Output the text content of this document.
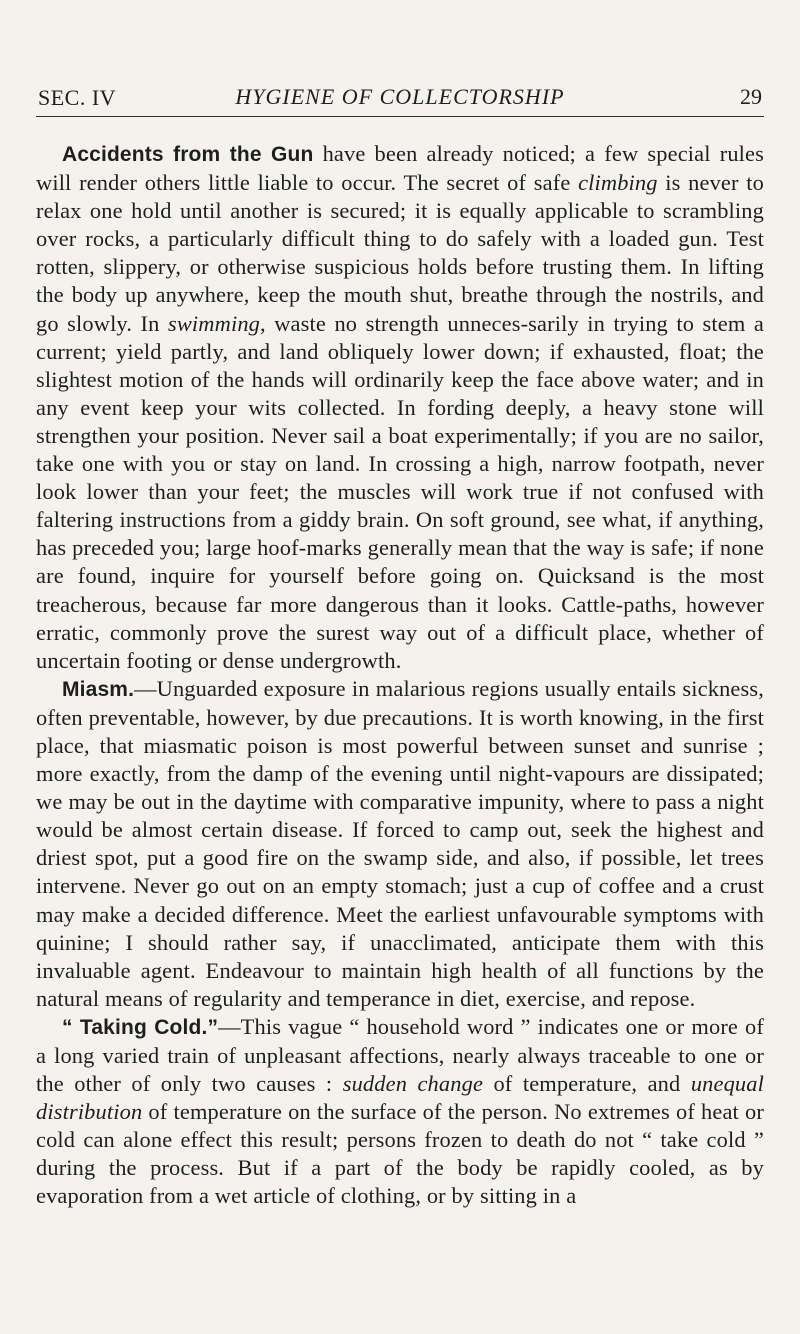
SEC. IV	HYGIENE OF COLLECTORSHIP	29

Accidents from the Gun have been already noticed; a few special rules will render others little liable to occur. The secret of safe climbing is never to relax one hold until another is secured; it is equally applicable to scrambling over rocks, a particularly difficult thing to do safely with a loaded gun. Test rotten, slippery, or otherwise suspicious holds before trusting them. In lifting the body up anywhere, keep the mouth shut, breathe through the nostrils, and go slowly. In swimming, waste no strength unneces-sarily in trying to stem a current; yield partly, and land obliquely lower down; if exhausted, float; the slightest motion of the hands will ordinarily keep the face above water; and in any event keep your wits collected. In fording deeply, a heavy stone will strengthen your position. Never sail a boat experimentally; if you are no sailor, take one with you or stay on land. In crossing a high, narrow footpath, never look lower than your feet; the muscles will work true if not confused with faltering instructions from a giddy brain. On soft ground, see what, if anything, has preceded you; large hoof-marks generally mean that the way is safe; if none are found, inquire for yourself before going on. Quicksand is the most treacherous, because far more dangerous than it looks. Cattle-paths, however erratic, commonly prove the surest way out of a difficult place, whether of uncertain footing or dense undergrowth.

Miasm.—Unguarded exposure in malarious regions usually entails sickness, often preventable, however, by due precautions. It is worth knowing, in the first place, that miasmatic poison is most powerful between sunset and sunrise ; more exactly, from the damp of the evening until night-vapours are dissipated; we may be out in the daytime with comparative impunity, where to pass a night would be almost certain disease. If forced to camp out, seek the highest and driest spot, put a good fire on the swamp side, and also, if possible, let trees intervene. Never go out on an empty stomach; just a cup of coffee and a crust may make a decided difference. Meet the earliest unfavourable symptoms with quinine; I should rather say, if unacclimated, anticipate them with this invaluable agent. Endeavour to maintain high health of all functions by the natural means of regularity and temperance in diet, exercise, and repose.

“ Taking Cold.”—This vague “ household word ” indicates one or more of a long varied train of unpleasant affections, nearly always traceable to one or the other of only two causes : sudden change of temperature, and unequal distribution of temperature on the surface of the person. No extremes of heat or cold can alone effect this result; persons frozen to death do not “ take cold ” during the process. But if a part of the body be rapidly cooled, as by evaporation from a wet article of clothing, or by sitting in a
